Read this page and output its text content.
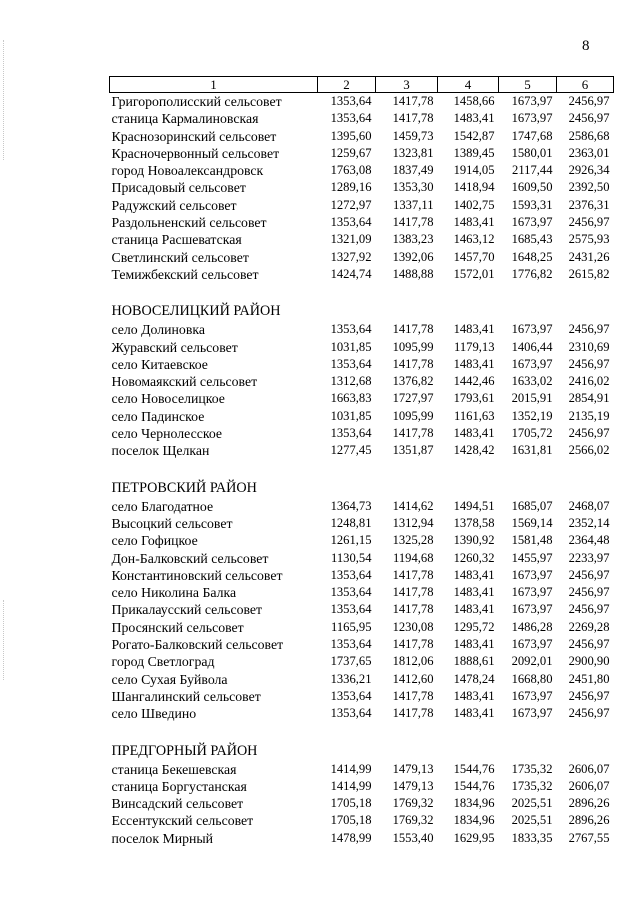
8
1	2	3	4	5	6
Григорополисский сельсовет	1353,64	1417,78	1458,66	1673,97	2456,97
станица Кармалиновская	1353,64	1417,78	1483,41	1673,97	2456,97
Краснозоринский сельсовет	1395,60	1459,73	1542,87	1747,68	2586,68
Красночервонный сельсовет	1259,67	1323,81	1389,45	1580,01	2363,01
город Новоалександровск	1763,08	1837,49	1914,05	2117,44	2926,34
Присадовый сельсовет	1289,16	1353,30	1418,94	1609,50	2392,50
Радужский сельсовет	1272,97	1337,11	1402,75	1593,31	2376,31
Раздольненский сельсовет	1353,64	1417,78	1483,41	1673,97	2456,97
станица Расшеватская	1321,09	1383,23	1463,12	1685,43	2575,93
Светлинский сельсовет	1327,92	1392,06	1457,70	1648,25	2431,26
Темижбекский сельсовет	1424,74	1488,88	1572,01	1776,82	2615,82

НОВОСЕЛИЦКИЙ РАЙОН					
село Долиновка	1353,64	1417,78	1483,41	1673,97	2456,97
Журавский сельсовет	1031,85	1095,99	1179,13	1406,44	2310,69
село Китаевское	1353,64	1417,78	1483,41	1673,97	2456,97
Новомаякский сельсовет	1312,68	1376,82	1442,46	1633,02	2416,02
село Новоселицкое	1663,83	1727,97	1793,61	2015,91	2854,91
село Падинское	1031,85	1095,99	1161,63	1352,19	2135,19
село Чернолесское	1353,64	1417,78	1483,41	1705,72	2456,97
поселок Щелкан	1277,45	1351,87	1428,42	1631,81	2566,02

ПЕТРОВСКИЙ РАЙОН					
село Благодатное	1364,73	1414,62	1494,51	1685,07	2468,07
Высоцкий сельсовет	1248,81	1312,94	1378,58	1569,14	2352,14
село Гофицкое	1261,15	1325,28	1390,92	1581,48	2364,48
Дон-Балковский сельсовет	1130,54	1194,68	1260,32	1455,97	2233,97
Константиновский сельсовет	1353,64	1417,78	1483,41	1673,97	2456,97
село Николина Балка	1353,64	1417,78	1483,41	1673,97	2456,97
Прикалаусский сельсовет	1353,64	1417,78	1483,41	1673,97	2456,97
Просянский сельсовет	1165,95	1230,08	1295,72	1486,28	2269,28
Рогато-Балковский сельсовет	1353,64	1417,78	1483,41	1673,97	2456,97
город Светлоград	1737,65	1812,06	1888,61	2092,01	2900,90
село Сухая Буйвола	1336,21	1412,60	1478,24	1668,80	2451,80
Шангалинский сельсовет	1353,64	1417,78	1483,41	1673,97	2456,97
село Шведино	1353,64	1417,78	1483,41	1673,97	2456,97

ПРЕДГОРНЫЙ РАЙОН					
станица Бекешевская	1414,99	1479,13	1544,76	1735,32	2606,07
станица Боргустанская	1414,99	1479,13	1544,76	1735,32	2606,07
Винсадский сельсовет	1705,18	1769,32	1834,96	2025,51	2896,26
Ессентукский сельсовет	1705,18	1769,32	1834,96	2025,51	2896,26
поселок Мирный	1478,99	1553,40	1629,95	1833,35	2767,55
